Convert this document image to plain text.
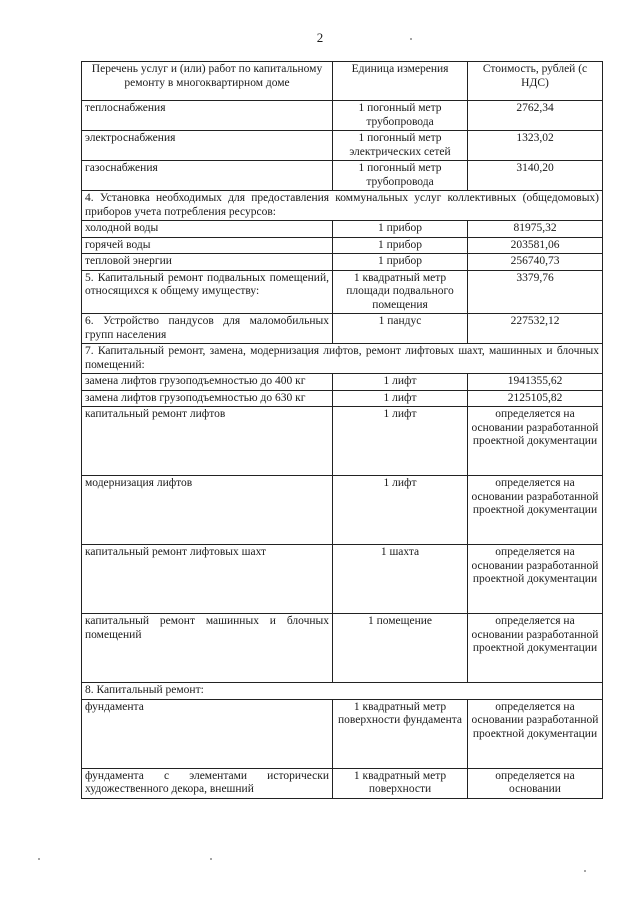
2
Перечень услуг и (или) работ по капитальному ремонту в многоквартирном доме	Единица измерения	Стоимость, рублей (с НДС)
теплоснабжения	1 погонный метр трубопровода	2762,34
электроснабжения	1 погонный метр электрических сетей	1323,02
газоснабжения	1 погонный метр трубопровода	3140,20
4. Установка необходимых для предоставления коммунальных услуг коллективных (общедомовых) приборов учета потребления ресурсов:		
холодной воды	1 прибор	81975,32
горячей воды	1 прибор	203581,06
тепловой энергии	1 прибор	256740,73
5. Капитальный ремонт подвальных помещений, относящихся к общему имуществу:	1 квадратный метр площади подвального помещения	3379,76
6. Устройство пандусов для маломобильных групп населения	1 пандус	227532,12
7. Капитальный ремонт, замена, модернизация лифтов, ремонт лифтовых шахт, машинных и блочных помещений:		
замена лифтов грузоподъемностью до 400 кг	1 лифт	1941355,62
замена лифтов грузоподъемностью до 630 кг	1 лифт	2125105,82
капитальный ремонт лифтов	1 лифт	определяется на основании разработанной проектной документации
модернизация лифтов	1 лифт	определяется на основании разработанной проектной документации
капитальный ремонт лифтовых шахт	1 шахта	определяется на основании разработанной проектной документации
капитальный ремонт машинных и блочных помещений	1 помещение	определяется на основании разработанной проектной документации
8. Капитальный ремонт:		
фундамента	1 квадратный метр поверхности фундамента	определяется на основании разработанной проектной документации
фундамента с элементами исторически художественного декора, внешний	1 квадратный метр поверхности	определяется на основании
